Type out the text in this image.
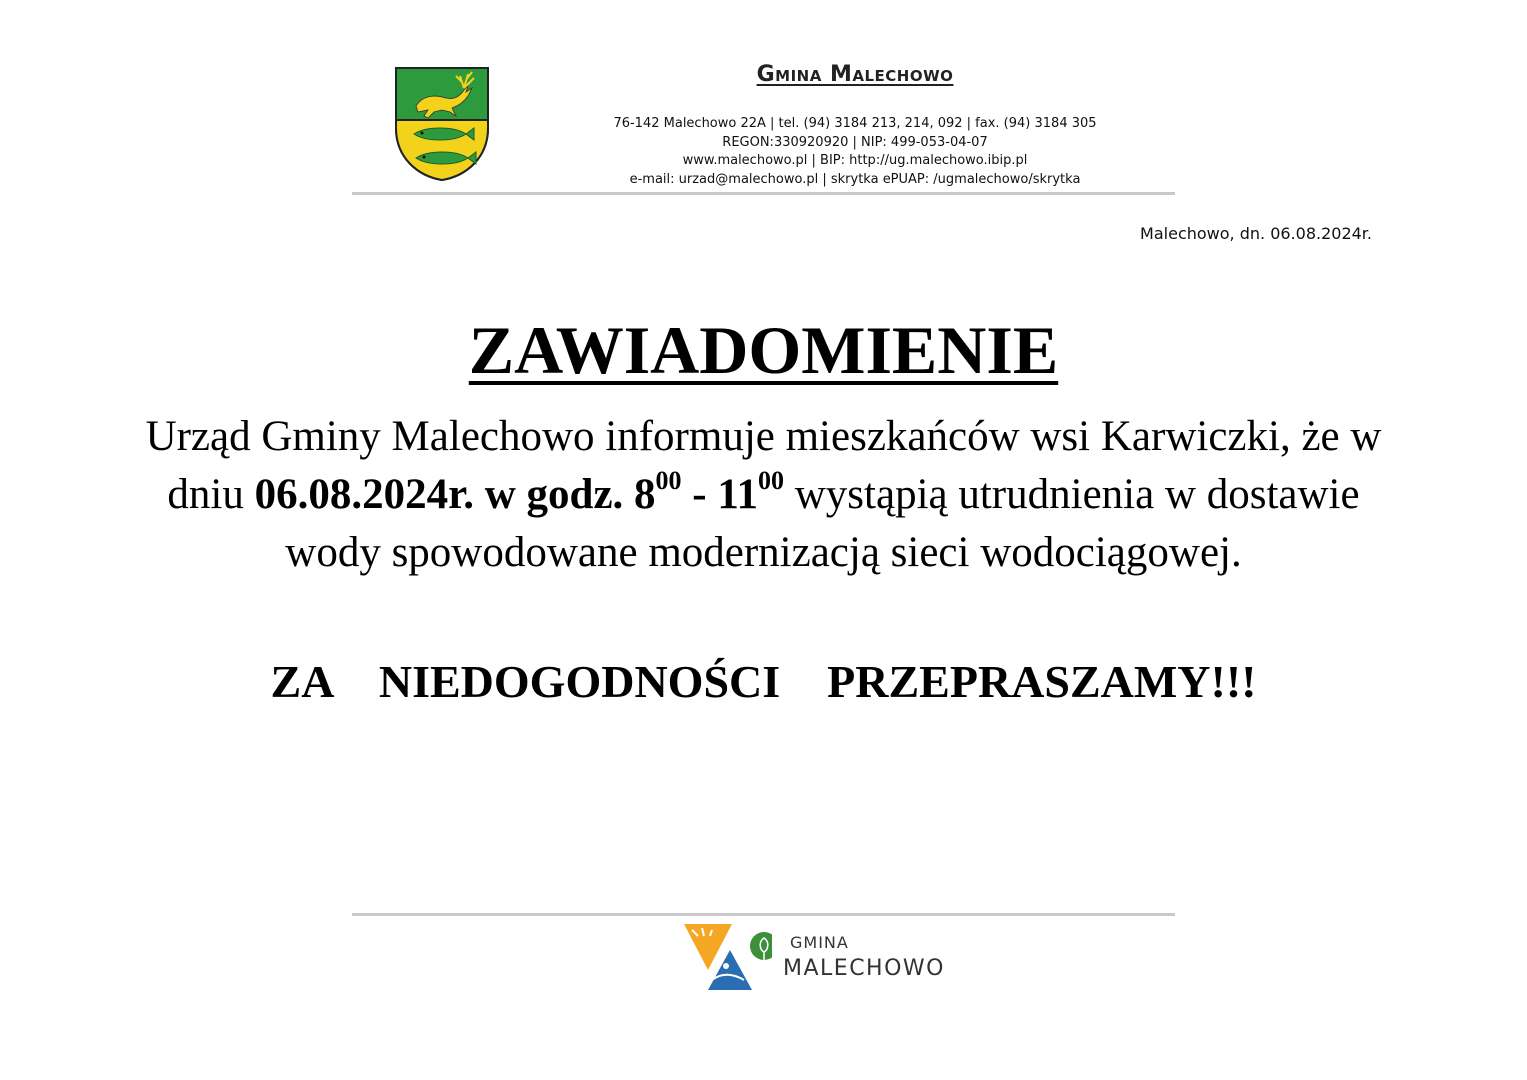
Gmina Malechowo
76-142 Malechowo 22A | tel. (94) 3184 213, 214, 092 | fax. (94) 3184 305
REGON:330920920 | NIP: 499-053-04-07
www.malechowo.pl | BIP: http://ug.malechowo.ibip.pl
e-mail: urzad@malechowo.pl | skrytka ePUAP: /ugmalechowo/skrytka
Malechowo, dn. 06.08.2024r.
ZAWIADOMIENIE
Urząd Gminy Malechowo informuje mieszkańców wsi Karwiczki, że w dniu 06.08.2024r. w godz. $8^{00} - 11^{00}$ wystąpią utrudnienia w dostawie wody spowodowane modernizacją sieci wodociągowej.
ZA  NIEDOGODNOŚCI  PRZEPRASZAMY!!!
GMINA
MALECHOWO
